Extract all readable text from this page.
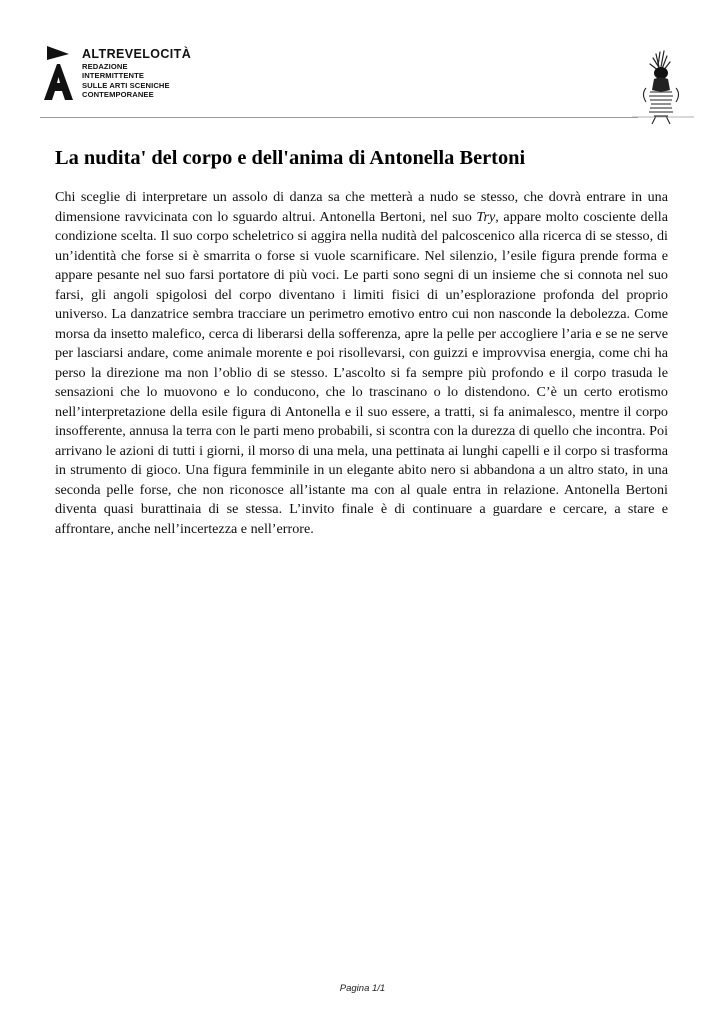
ALTREVELOCITÀ
REDAZIONE
INTERMITTENTE
SULLE ARTI SCENICHE
CONTEMPORANEE
La nudita' del corpo e dell'anima di Antonella Bertoni

Chi sceglie di interpretare un assolo di danza sa che metterà a nudo se stesso, che dovrà entrare in una dimensione ravvicinata con lo sguardo altrui. Antonella Bertoni, nel suo Try, appare molto cosciente della condizione scelta. Il suo corpo scheletrico si aggira nella nudità del palcoscenico alla ricerca di se stesso, di un’identità che forse si è smarrita o forse si vuole scarnificare. Nel silenzio, l’esile figura prende forma e appare pesante nel suo farsi portatore di più voci. Le parti sono segni di un insieme che si connota nel suo farsi, gli angoli spigolosi del corpo diventano i limiti fisici di un’esplorazione profonda del proprio universo. La danzatrice sembra tracciare un perimetro emotivo entro cui non nasconde la debolezza. Come morsa da insetto malefico, cerca di liberarsi della sofferenza, apre la pelle per accogliere l’aria e se ne serve per lasciarsi andare, come animale morente e poi risollevarsi, con guizzi e improvvisa energia, come chi ha perso la direzione ma non l’oblio di se stesso. L’ascolto si fa sempre più profondo e il corpo trasuda le sensazioni che lo muovono e lo conducono, che lo trascinano o lo distendono. C’è un certo erotismo nell’interpretazione della esile figura di Antonella e il suo essere, a tratti, si fa animalesco, mentre il corpo insofferente, annusa la terra con le parti meno probabili, si scontra con la durezza di quello che incontra. Poi arrivano le azioni di tutti i giorni, il morso di una mela, una pettinata ai lunghi capelli e il corpo si trasforma in strumento di gioco. Una figura femminile in un elegante abito nero si abbandona a un altro stato, in una seconda pelle forse, che non riconosce all’istante ma con al quale entra in relazione. Antonella Bertoni diventa quasi burattinaia di se stessa. L’invito finale è di continuare a guardare e cercare, a stare e affrontare, anche nell’incertezza e nell’errore.

Pagina 1/1
